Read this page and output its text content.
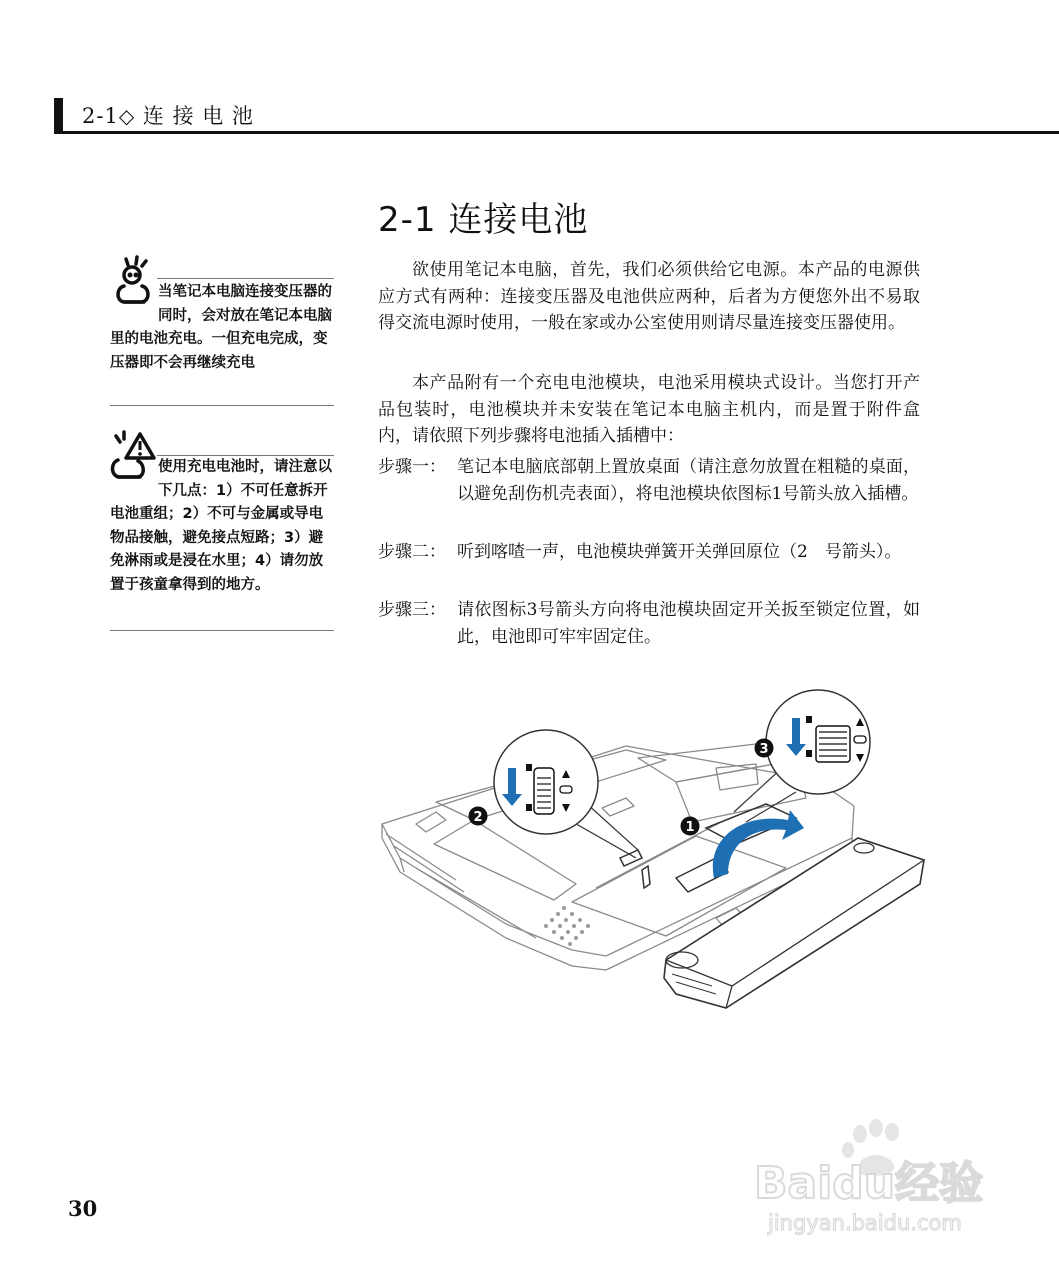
2-1◇ 连 接 电 池
2-1 连接电池

欲使用笔记本电脑，首先，我们必须供给它电源。本产品的电源供应方式有两种：连接变压器及电池供应两种，后者为方便您外出不易取得交流电源时使用，一般在家或办公室使用则请尽量连接变压器使用。

本产品附有一个充电电池模块，电池采用模块式设计。当您打开产品包装时，电池模块并未安装在笔记本电脑主机内，而是置于附件盒内，请依照下列步骤将电池插入插槽中：

步骤一： 笔记本电脑底部朝上置放桌面（请注意勿放置在粗糙的桌面，以避免刮伤机壳表面），将电池模块依图标1号箭头放入插槽。
步骤二： 听到喀喳一声，电池模块弹簧开关弹回原位（2　号箭头）。
步骤三： 请依图标3号箭头方向将电池模块固定开关扳至锁定位置，如此，电池即可牢牢固定住。
当笔记本电脑连接变压器的同时，会对放在笔记本电脑里的电池充电。一但充电完成，变压器即不会再继续充电
使用充电电池时，请注意以下几点：1）不可任意拆开电池重组；2）不可与金属或导电物品接触，避免接点短路；3）避免淋雨或是浸在水里；4）请勿放置于孩童拿得到的地方。
1
2
3
30	Baidu经验
jingyan.baidu.com
